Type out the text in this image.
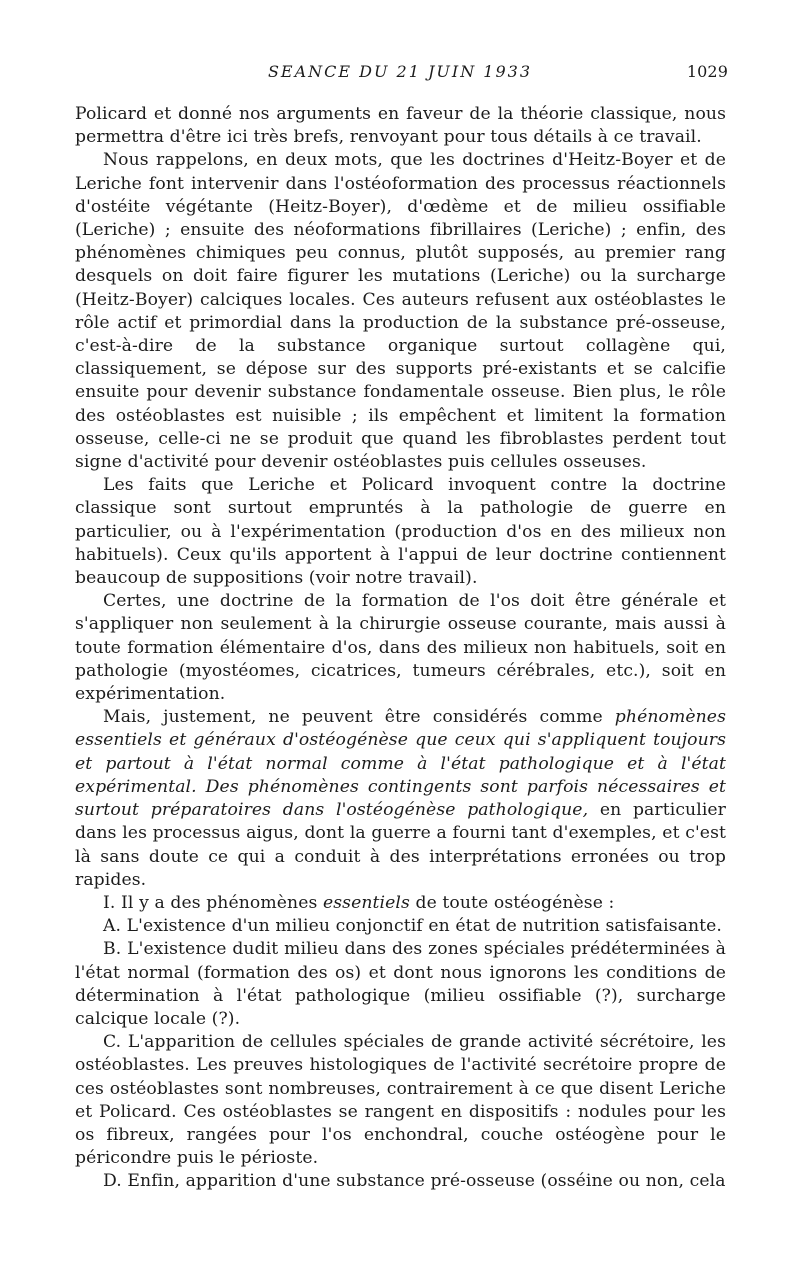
SEANCE DU 21 JUIN 1933	1029

Policard et donné nos arguments en faveur de la théorie classique, nous permettra d'être ici très brefs, renvoyant pour tous détails à ce travail.

Nous rappelons, en deux mots, que les doctrines d'Heitz-Boyer et de Leriche font intervenir dans l'ostéoformation des processus réactionnels d'ostéite végétante (Heitz-Boyer), d'œdème et de milieu ossifiable (Leriche) ; ensuite des néoformations fibrillaires (Leriche) ; enfin, des phénomènes chimiques peu connus, plutôt supposés, au premier rang desquels on doit faire figurer les mutations (Leriche) ou la surcharge (Heitz-Boyer) calciques locales. Ces auteurs refusent aux ostéoblastes le rôle actif et primordial dans la production de la substance pré-osseuse, c'est-à-dire de la substance organique surtout collagène qui, classiquement, se dépose sur des supports pré-existants et se calcifie ensuite pour devenir substance fondamentale osseuse. Bien plus, le rôle des ostéoblastes est nuisible ; ils empêchent et limitent la formation osseuse, celle-ci ne se produit que quand les fibroblastes perdent tout signe d'activité pour devenir ostéoblastes puis cellules osseuses.

Les faits que Leriche et Policard invoquent contre la doctrine classique sont surtout empruntés à la pathologie de guerre en particulier, ou à l'expérimentation (production d'os en des milieux non habituels). Ceux qu'ils apportent à l'appui de leur doctrine contiennent beaucoup de suppositions (voir notre travail).

Certes, une doctrine de la formation de l'os doit être générale et s'appliquer non seulement à la chirurgie osseuse courante, mais aussi à toute formation élémentaire d'os, dans des milieux non habituels, soit en pathologie (myostéomes, cicatrices, tumeurs cérébrales, etc.), soit en expérimentation.

Mais, justement, ne peuvent être considérés comme phénomènes essentiels et généraux d'ostéogénèse que ceux qui s'appliquent toujours et partout à l'état normal comme à l'état pathologique et à l'état expérimental. Des phénomènes contingents sont parfois nécessaires et surtout préparatoires dans l'ostéogénèse pathologique, en particulier dans les processus aigus, dont la guerre a fourni tant d'exemples, et c'est là sans doute ce qui a conduit à des interprétations erronées ou trop rapides.

I. Il y a des phénomènes essentiels de toute ostéogénèse :

A. L'existence d'un milieu conjonctif en état de nutrition satisfaisante.

B. L'existence dudit milieu dans des zones spéciales prédéterminées à l'état normal (formation des os) et dont nous ignorons les conditions de détermination à l'état pathologique (milieu ossifiable (?), surcharge calcique locale (?).

C. L'apparition de cellules spéciales de grande activité sécrétoire, les ostéoblastes. Les preuves histologiques de l'activité secrétoire propre de ces ostéoblastes sont nombreuses, contrairement à ce que disent Leriche et Policard. Ces ostéoblastes se rangent en dispositifs : nodules pour les os fibreux, rangées pour l'os enchondral, couche ostéogène pour le péricondre puis le périoste.

D. Enfin, apparition d'une substance pré-osseuse (osséine ou non, cela
